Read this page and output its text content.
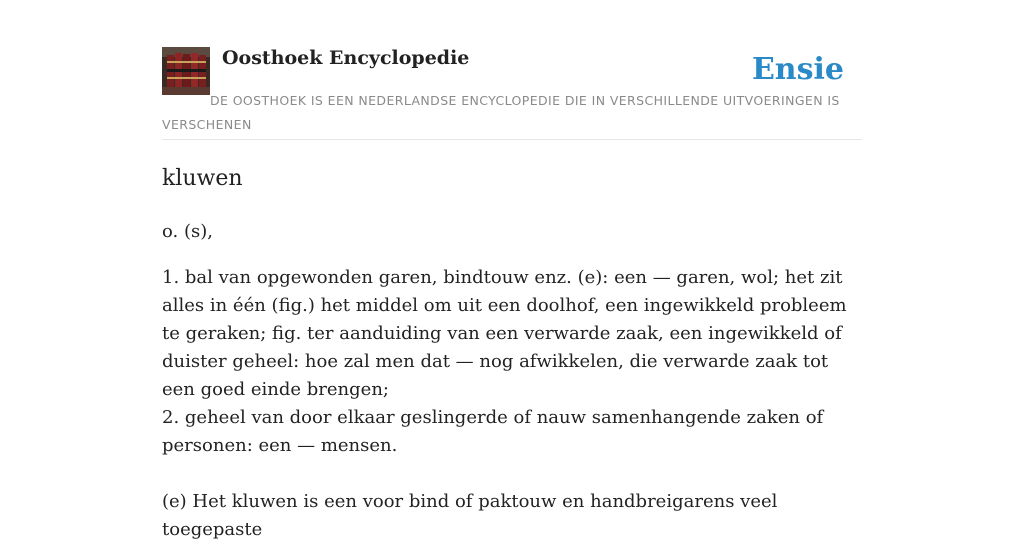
Oosthoek Encyclopedie	Ensie

DE OOSTHOEK IS EEN NEDERLANDSE ENCYCLOPEDIE DIE IN VERSCHILLENDE UITVOERINGEN IS VERSCHENEN

kluwen

o. (s),

1. bal van opgewonden garen, bindtouw enz. (e): een — garen, wol; het zit alles in één (fig.) het middel om uit een doolhof, een ingewikkeld probleem te geraken; fig. ter aanduiding van een verwarde zaak, een ingewikkeld of duister geheel: hoe zal men dat — nog afwikkelen, die verwarde zaak tot een goed einde brengen;
2. geheel van door elkaar geslingerde of nauw samenhangende zaken of personen: een — mensen.

(e) Het kluwen is een voor bind of paktouw en handbreigarens veel toegepaste
